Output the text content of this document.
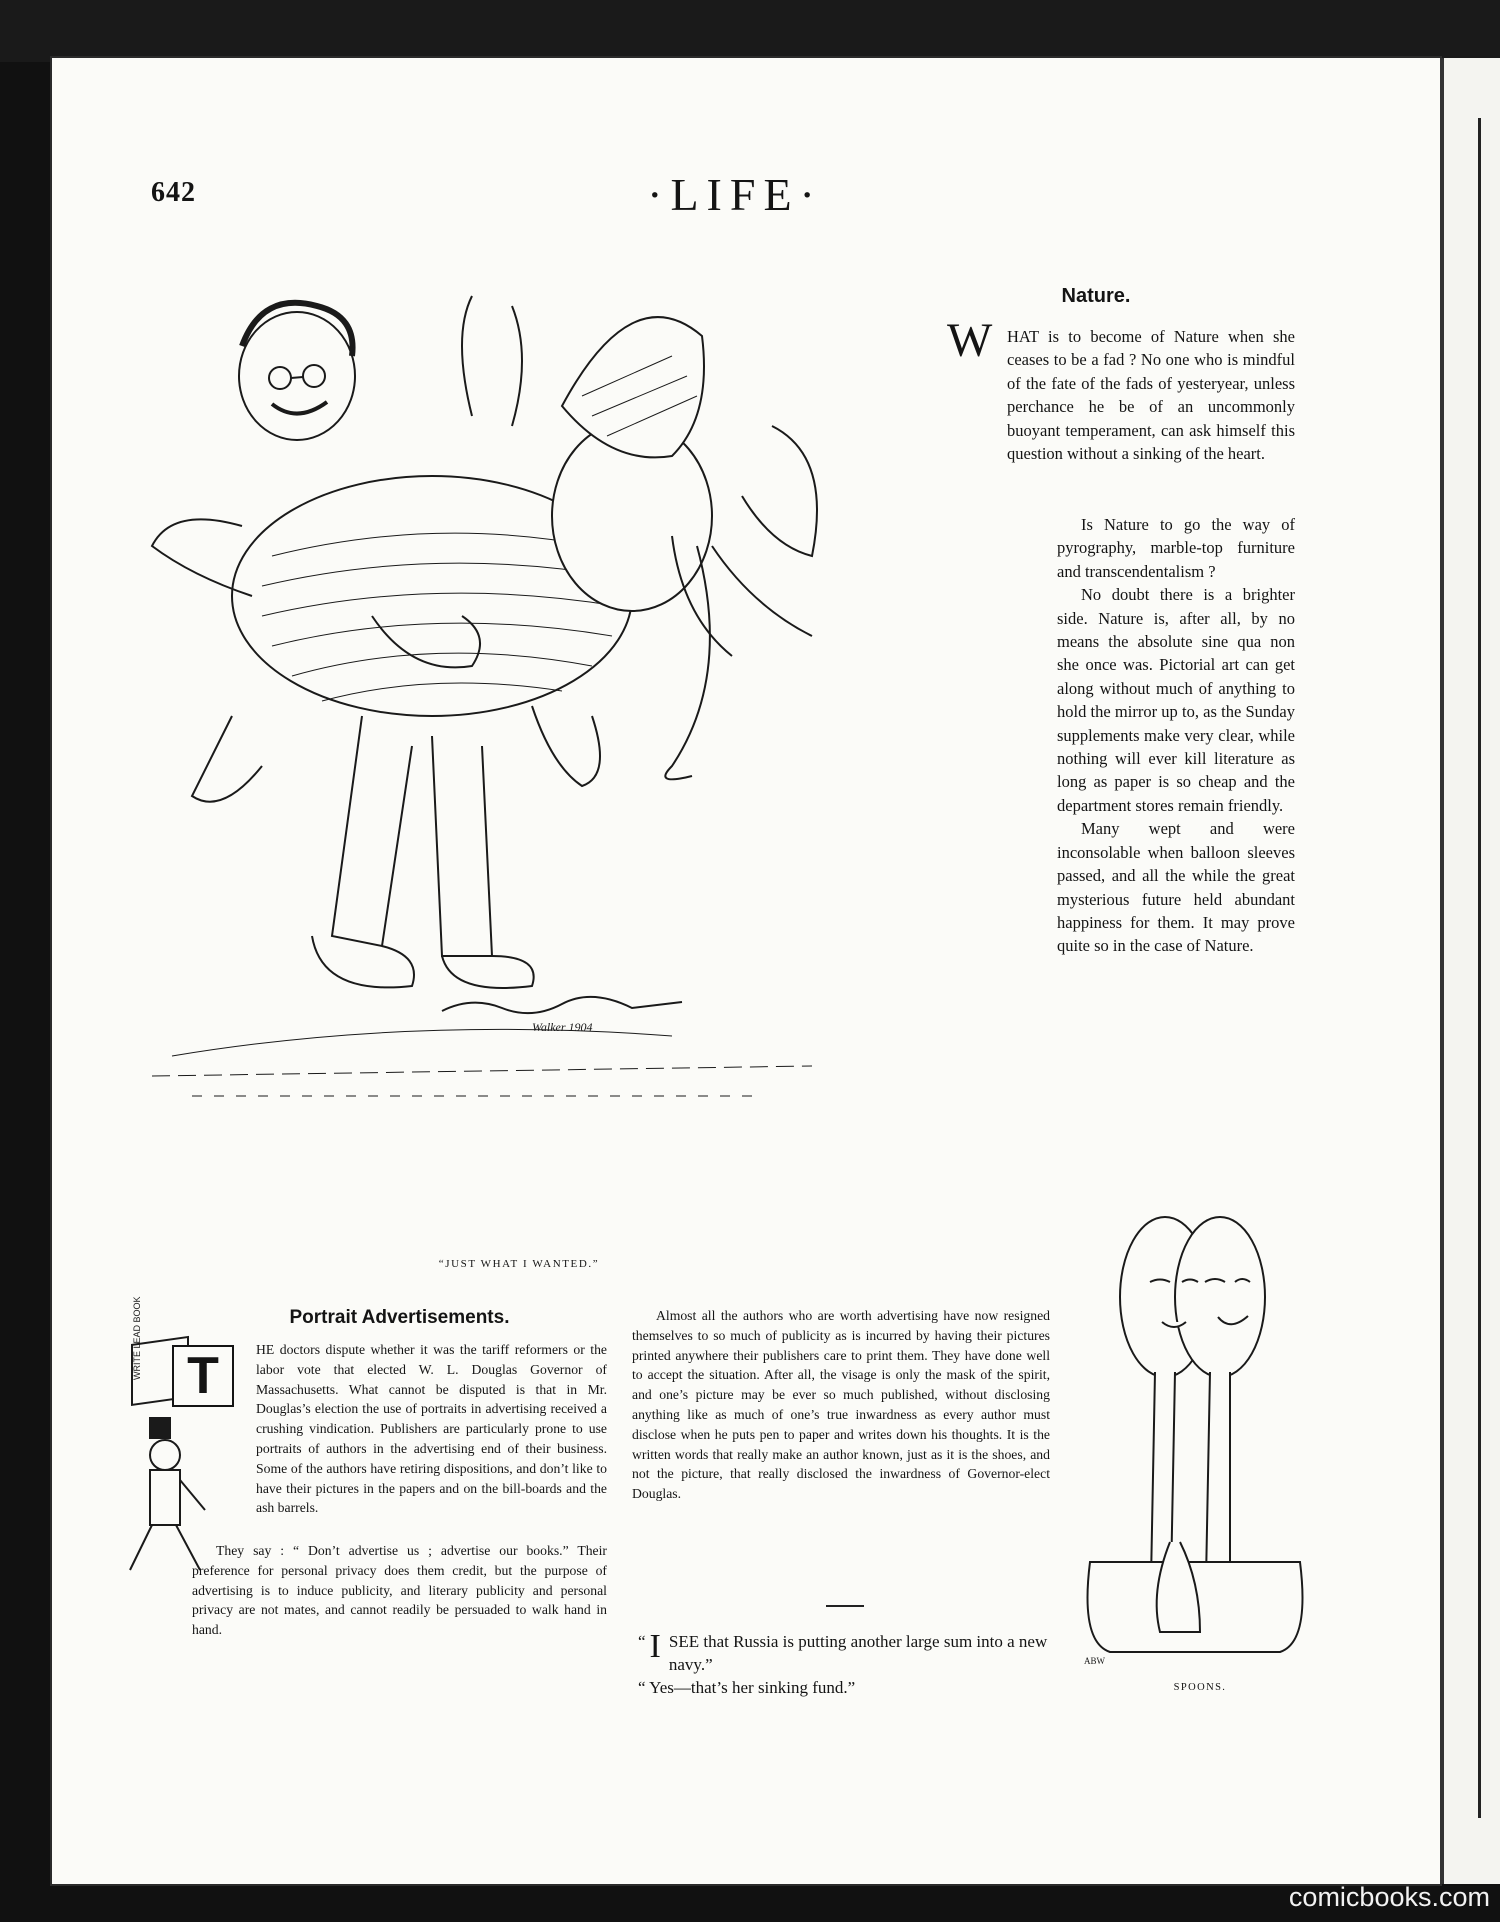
642	·LIFE·
Walker 1904
“JUST WHAT I WANTED.”
Nature.
W HAT is to become of Nature when she ceases to be a fad ? No one who is mindful of the fate of the fads of yesteryear, unless perchance he be of an uncommonly buoyant temperament, can ask himself this question without a sinking of the heart.

Is Nature to go the way of pyrography, marble-top furniture and transcendentalism ?

No doubt there is a brighter side. Nature is, after all, by no means the absolute sine qua non she once was. Pictorial art can get along without much of anything to hold the mirror up to, as the Sunday supplements make very clear, while nothing will ever kill literature as long as paper is so cheap and the department stores remain friendly.

Many wept and were inconsolable when balloon sleeves passed, and all the while the great mysterious future held abundant happiness for them. It may prove quite so in the case of Nature.

Portrait Advertisements.
WRITE LEAD BOOK T	HE doctors dispute whether it was the tariff reformers or the labor vote that elected W. L. Douglas Governor of Massachusetts. What cannot be disputed is that in Mr. Douglas’s election the use of portraits in advertising received a crushing vindication. Publishers are particularly prone to use portraits of authors in the advertising end of their business. Some of the authors have retiring dispositions, and don’t like to have their pictures in the papers and on the bill-boards and the ash barrels.

They say : “ Don’t advertise us ; advertise our books.” Their preference for personal privacy does them credit, but the purpose of advertising is to induce publicity, and literary publicity and personal privacy are not mates, and cannot readily be persuaded to walk hand in hand.

Almost all the authors who are worth advertising have now resigned themselves to so much of publicity as is incurred by having their pictures printed anywhere their publishers care to print them. They have done well to accept the situation. After all, the visage is only the mask of the spirit, and one’s picture may be ever so much published, without disclosing anything like as much of one’s true inwardness as every author must disclose when he puts pen to paper and writes down his thoughts. It is the written words that really make an author known, just as it is the shoes, and not the picture, that really disclosed the inwardness of Governor-elect Douglas.

“ I SEE that Russia is putting another large sum into a new navy.”
“ Yes—that’s her sinking fund.”
ABW
SPOONS.
comicbooks.com
